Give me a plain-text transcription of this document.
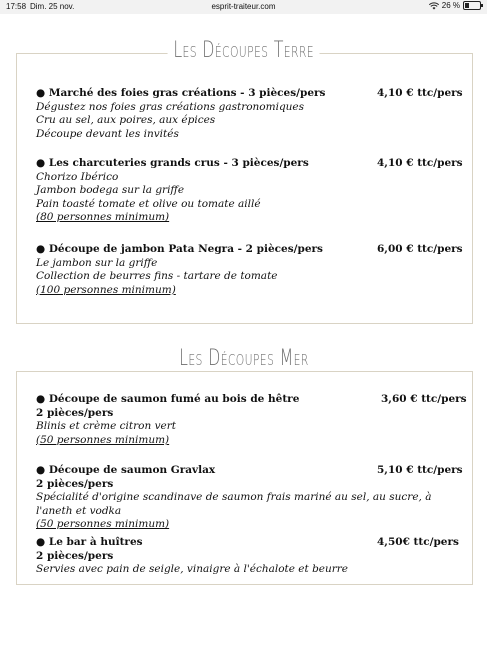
17:58 Dim. 25 nov.	esprit-traiteur.com	26 %
Les Découpes Terre
● Marché des foies gras créations - 3 pièces/pers
Dégustez nos foies gras créations gastronomiques
Cru au sel, aux poires, aux épices
Découpe devant les invités
4,10 € ttc/pers
● Les charcuteries grands crus - 3 pièces/pers
Chorizo Ibérico
Jambon bodega sur la griffe
Pain toasté tomate et olive ou tomate aillé
(80 personnes minimum)
4,10 € ttc/pers
● Découpe de jambon Pata Negra - 2 pièces/pers
Le jambon sur la griffe
Collection de beurres fins - tartare de tomate
(100 personnes minimum)
6,00 € ttc/pers
Les Découpes Mer
● Découpe de saumon fumé au bois de hêtre
2 pièces/pers
Blinis et crème citron vert
(50 personnes minimum)
3,60 € ttc/pers
● Découpe de saumon Gravlax
2 pièces/pers
Spécialité d'origine scandinave de saumon frais mariné au sel, au sucre, à l'aneth et vodka
(50 personnes minimum)
5,10 € ttc/pers
● Le bar à huîtres
2 pièces/pers
Servies avec pain de seigle, vinaigre à l'échalote et beurre
4,50€ ttc/pers
